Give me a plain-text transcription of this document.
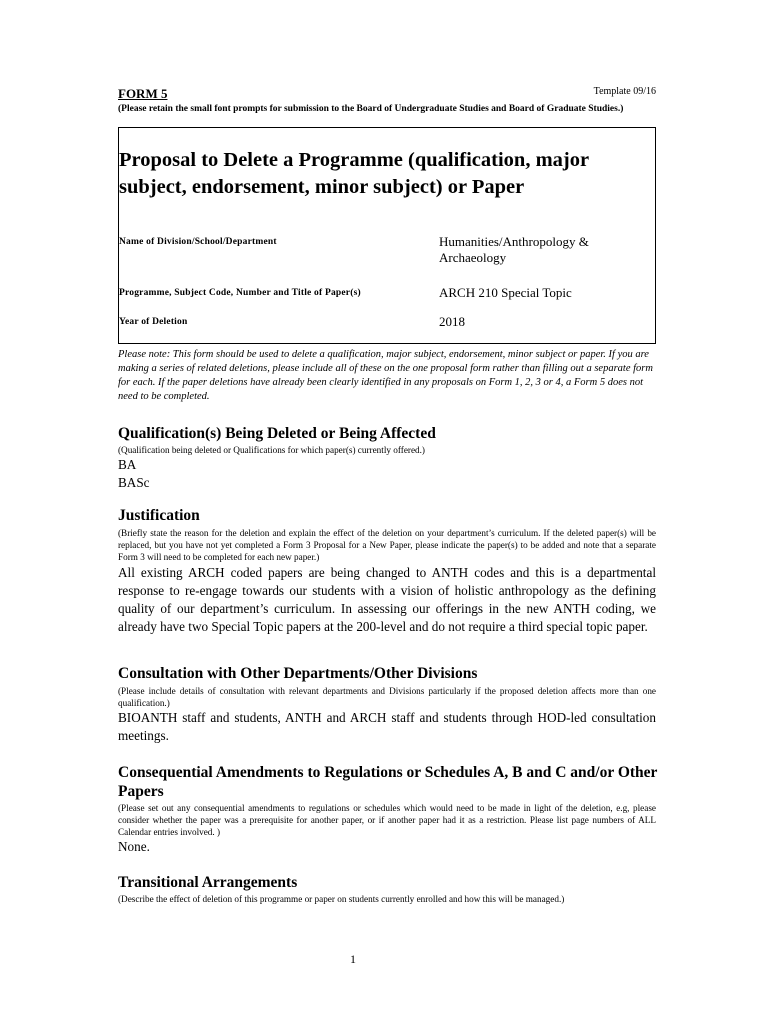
FORM 5	Template 09/16
(Please retain the small font prompts for submission to the Board of Undergraduate Studies and Board of Graduate Studies.)
Proposal to Delete a Programme (qualification, major subject, endorsement, minor subject) or Paper
Name of Division/School/Department	Humanities/Anthropology & Archaeology
Programme, Subject Code, Number and Title of Paper(s)	ARCH 210 Special Topic
Year of Deletion	2018
Please note: This form should be used to delete a qualification, major subject, endorsement, minor subject or paper. If you are making a series of related deletions, please include all of these on the one proposal form rather than filling out a separate form for each. If the paper deletions have already been clearly identified in any proposals on Form 1, 2, 3 or 4, a Form 5 does not need to be completed.
Qualification(s) Being Deleted or Being Affected
(Qualification being deleted or Qualifications for which paper(s) currently offered.)
BA
BASc
Justification
(Briefly state the reason for the deletion and explain the effect of the deletion on your department’s curriculum. If the deleted paper(s) will be replaced, but you have not yet completed a Form 3 Proposal for a New Paper, please indicate the paper(s) to be added and note that a separate Form 3 will need to be completed for each new paper.)
All existing ARCH coded papers are being changed to ANTH codes and this is a departmental response to re-engage towards our students with a vision of holistic anthropology as the defining quality of our department’s curriculum. In assessing our offerings in the new ANTH coding, we already have two Special Topic papers at the 200-level and do not require a third special topic paper.
Consultation with Other Departments/Other Divisions
(Please include details of consultation with relevant departments and Divisions particularly if the proposed deletion affects more than one qualification.)
BIOANTH staff and students, ANTH and ARCH staff and students through HOD-led consultation meetings.
Consequential Amendments to Regulations or Schedules A, B and C and/or Other Papers
(Please set out any consequential amendments to regulations or schedules which would need to be made in light of the deletion, e.g, please consider whether the paper was a prerequisite for another paper, or if another paper had it as a restriction. Please list page numbers of ALL Calendar entries involved. )
None.
Transitional Arrangements
(Describe the effect of deletion of this programme or paper on students currently enrolled and how this will be managed.)
1
